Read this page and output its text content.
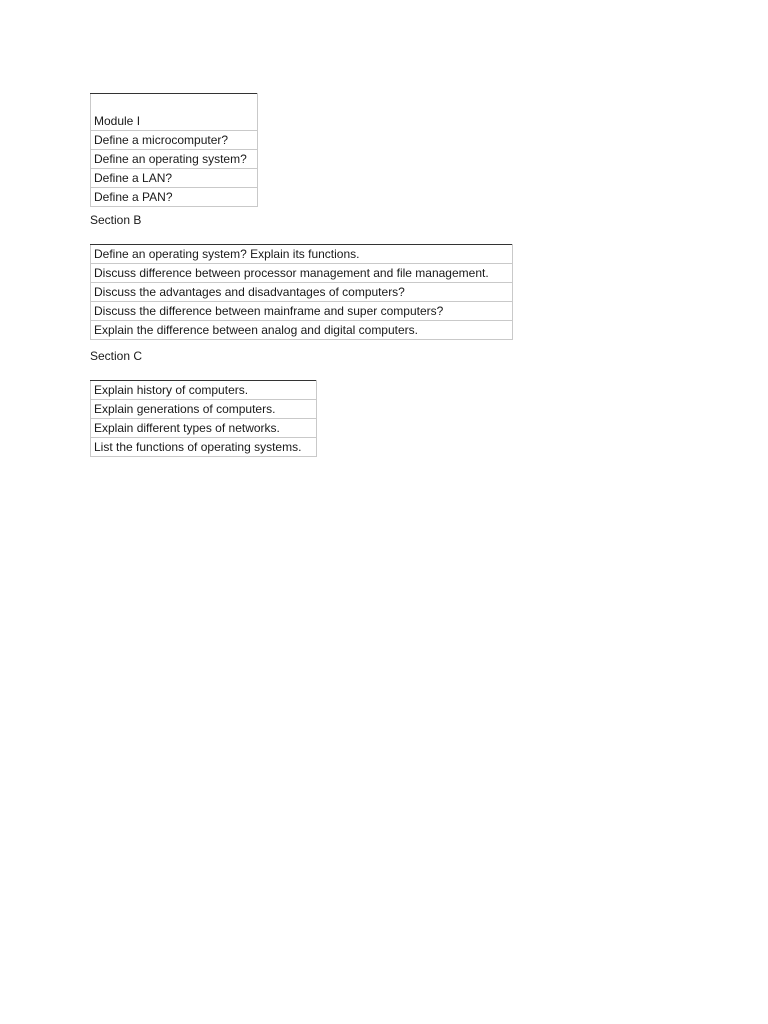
Module I
Define a microcomputer?
Define an operating system?
Define a LAN?
Define a PAN?
Section B
Define an operating system? Explain its functions.
Discuss difference between processor management and file management.
Discuss the advantages and disadvantages of computers?
Discuss the difference between mainframe and super computers?
Explain the difference between analog and digital computers.
Section C
Explain history of computers.
Explain generations of computers.
Explain different types of networks.
List the functions of operating systems.
